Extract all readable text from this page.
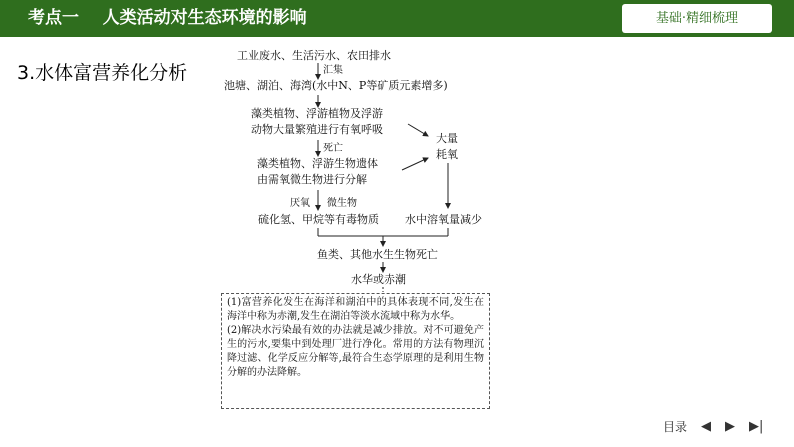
考点一    人类活动对生态环境的影响	基础·精细梳理
3.水体富营养化分析
工业废水、生活污水、农田排水
汇集
池塘、湖泊、海湾(水中N、P等矿质元素增多)
藻类植物、浮游植物及浮游
动物大量繁殖进行有氧呼吸
死亡
藻类植物、浮游生物遗体
由需氧微生物进行分解
大量
耗氧
厌氧 微生物
硫化氢、甲烷等有毒物质 水中溶氧量减少
鱼类、其他水生生物死亡
水华或赤潮

(1)富营养化发生在海洋和湖泊中的具体表现不同,发生在海洋中称为赤潮,发生在湖泊等淡水流域中称为水华。

(2)解决水污染最有效的办法就是减少排放。对不可避免产生的污水,要集中到处理厂进行净化。常用的方法有物理沉降过滤、化学反应分解等,最符合生态学原理的是利用生物分解的办法降解。

目录 ◀ ▶ ▶|
